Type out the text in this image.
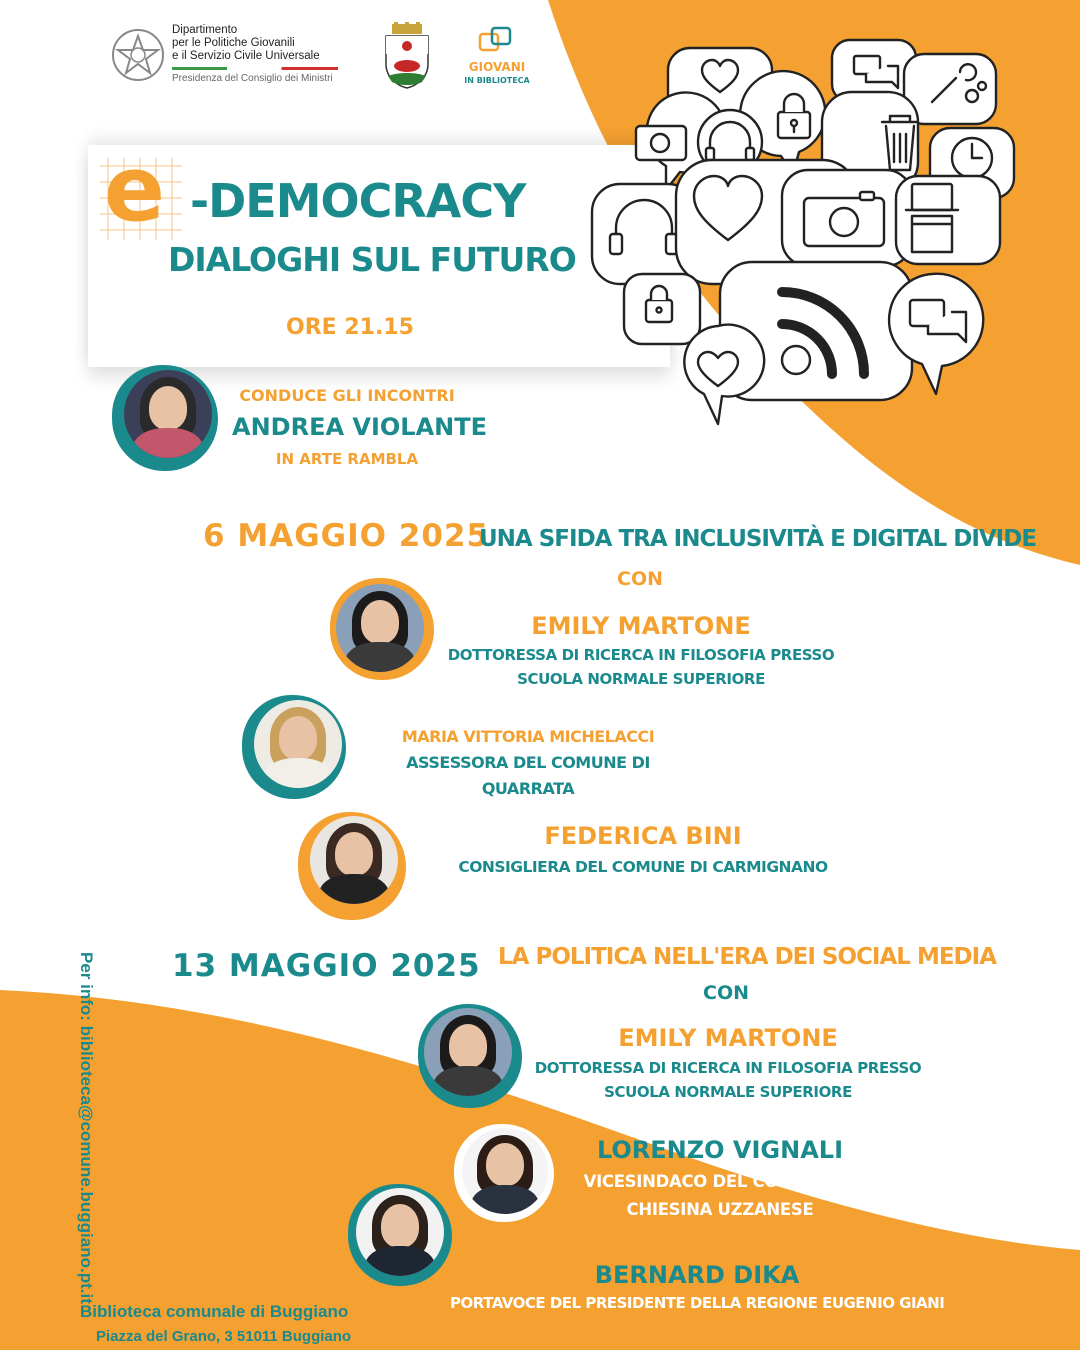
Dipartimento
per le Politiche Giovanili
e il Servizio Civile Universale
Presidenza del Consiglio dei Ministri
GIOVANI
IN BIBLIOTECA
e -DEMOCRACY
DIALOGHI SUL FUTURO
ORE 21.15
CONDUCE GLI INCONTRI
ANDREA VIOLANTE
IN ARTE RAMBLA
6 MAGGIO 2025
UNA SFIDA TRA INCLUSIVITÀ E DIGITAL DIVIDE
CON
EMILY MARTONE
DOTTORESSA DI RICERCA IN FILOSOFIA PRESSO
SCUOLA NORMALE SUPERIORE
MARIA VITTORIA MICHELACCI
ASSESSORA DEL COMUNE DI
QUARRATA
FEDERICA BINI
CONSIGLIERA DEL COMUNE DI CARMIGNANO
13 MAGGIO 2025 LA POLITICA NELL'ERA DEI SOCIAL MEDIA
CON
EMILY MARTONE
DOTTORESSA DI RICERCA IN FILOSOFIA PRESSO
SCUOLA NORMALE SUPERIORE
LORENZO VIGNALI
VICESINDACO DEL COMUNE DI
CHIESINA UZZANESE
BERNARD DIKA
PORTAVOCE DEL PRESIDENTE DELLA REGIONE EUGENIO GIANI
Per info: biblioteca@comune.buggiano.pt.it
Biblioteca comunale di Buggiano
Piazza del Grano, 3 51011 Buggiano
